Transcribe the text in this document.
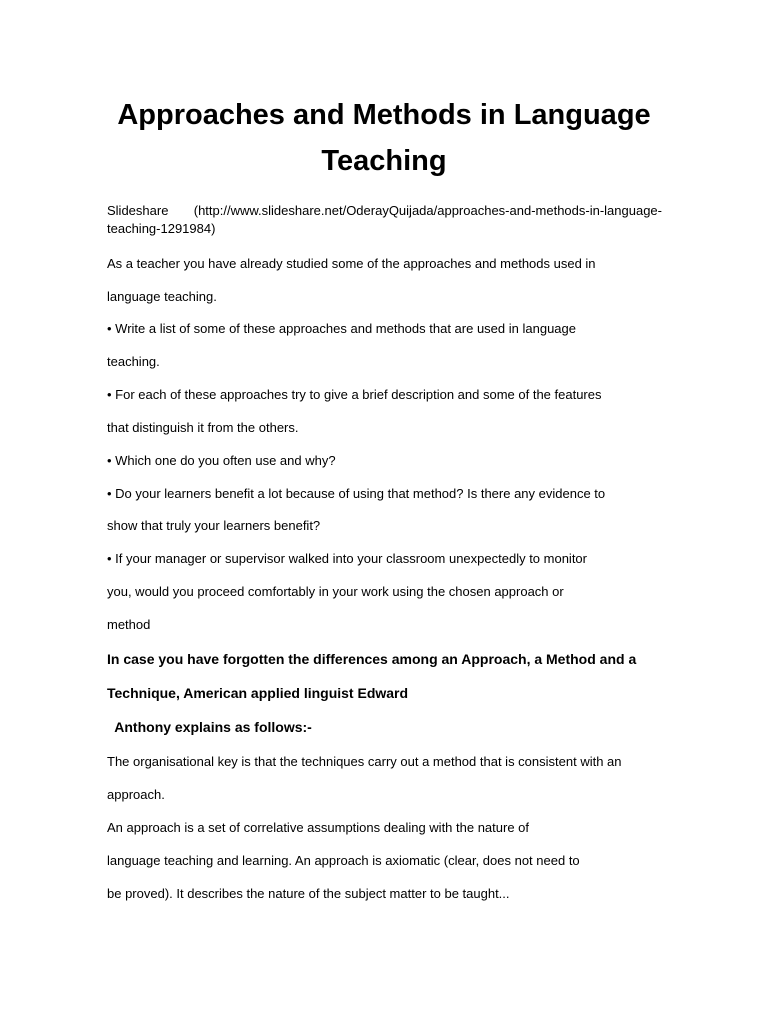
Approaches and Methods in Language Teaching
Slideshare (http://www.slideshare.net/OderayQuijada/approaches-and-methods-in-language-
teaching-1291984)

As a teacher you have already studied some of the approaches and methods used in

language teaching.

• Write a list of some of these approaches and methods that are used in language

teaching.

• For each of these approaches try to give a brief description and some of the features

that distinguish it from the others.

• Which one do you often use and why?

• Do your learners benefit a lot because of using that method? Is there any evidence to

show that truly your learners benefit?

• If your manager or supervisor walked into your classroom unexpectedly to monitor

you, would you proceed comfortably in your work using the chosen approach or

method

In case you have forgotten the differences among an Approach, a Method and a

Technique, American applied linguist Edward

Anthony explains as follows:-

The organisational key is that the techniques carry out a method that is consistent with an

approach.

An approach is a set of correlative assumptions dealing with the nature of

language teaching and learning. An approach is axiomatic (clear, does not need to

be proved). It describes the nature of the subject matter to be taught...
